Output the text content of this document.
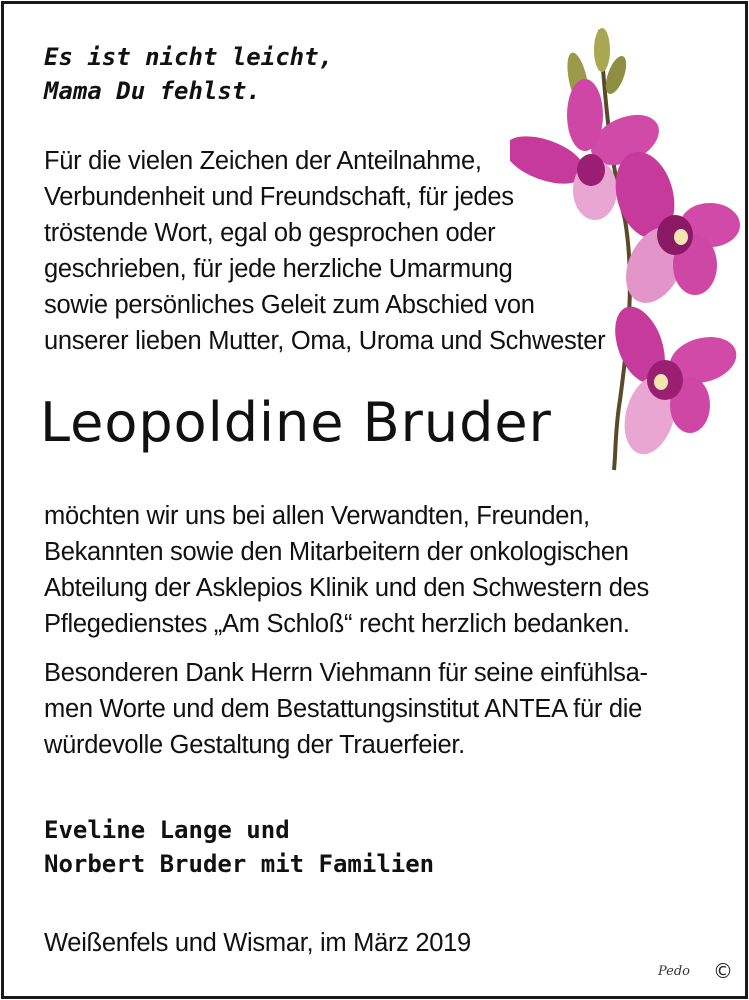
Es ist nicht leicht,
Mama Du fehlst.
Für die vielen Zeichen der Anteilnahme,
Verbundenheit und Freundschaft, für jedes
tröstende Wort, egal ob gesprochen oder
geschrieben, für jede herzliche Umarmung
sowie persönliches Geleit zum Abschied von
unserer lieben Mutter, Oma, Uroma und Schwester
Leopoldine Bruder
möchten wir uns bei allen Verwandten, Freunden,
Bekannten sowie den Mitarbeitern der onkologischen
Abteilung der Asklepios Klinik und den Schwestern des
Pflegedienstes „Am Schloß“ recht herzlich bedanken.
Besonderen Dank Herrn Viehmann für seine einfühlsa-
men Worte und dem Bestattungsinstitut ANTEA für die
würdevolle Gestaltung der Trauerfeier.
Eveline Lange und
Norbert Bruder mit Familien
Weißenfels und Wismar, im März 2019
Pedo ©
